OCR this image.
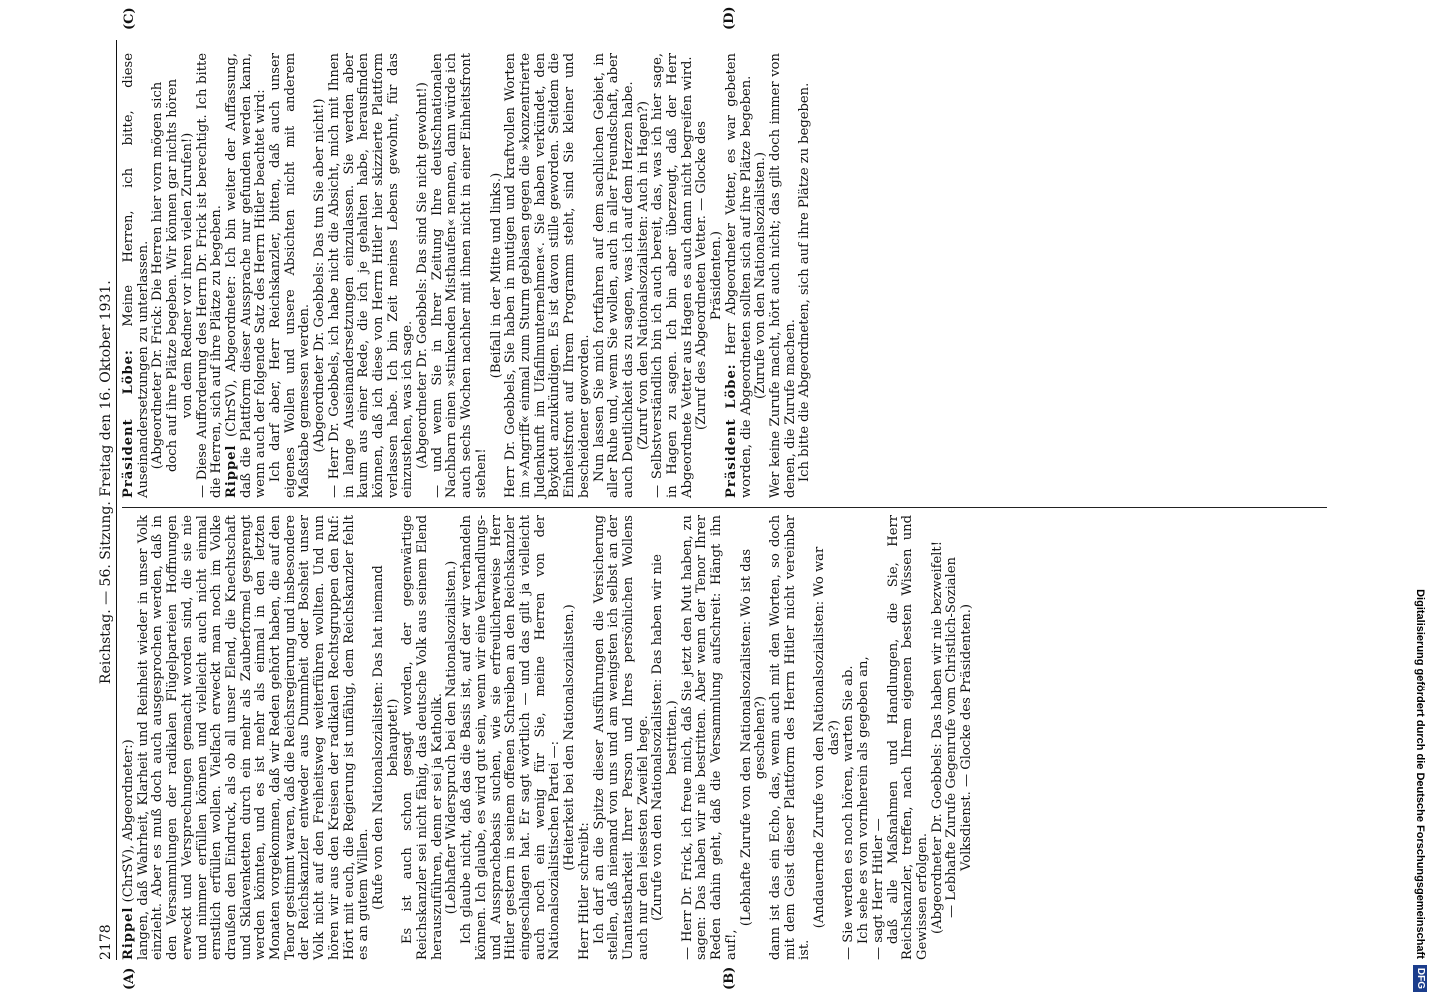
2178
Reichstag. — 56. Sitzung. Freitag den 16. Oktober 1931.
(A)	(B)
(C)	(D)
Rippel (ChrSV), Abgeordneter:) langen, daß Wahrheit, Klarheit und Reinheit wieder in unser Volk einzieht. Aber es muß doch auch ausgesprochen werden, daß in den Versammlungen der radikalen Flügelparteien Hoffnungen erweckt und Versprechungen gemacht worden sind, die sie nie und nimmer erfüllen können und vielleicht auch nicht einmal ernstlich erfüllen wollen. Vielfach erweckt man noch im Volke draußen den Eindruck, als ob all unser Elend, die Knechtschaft und Sklavenketten durch ein mehr als Zauberformel gesprengt werden könnten, und es ist mehr als einmal in den letzten Monaten vorgekommen, daß wir Reden gehört haben, die auf den Tenor gestimmt waren, daß die Reichsregierung und insbesondere der Reichskanzler entweder aus Dummheit oder Bosheit unser Volk nicht auf den Freiheitsweg weiterführen wollten. Und nun hören wir aus den Kreisen der radikalen Rechtsgruppen den Ruf: Hört mit euch, die Regierung ist unfähig, dem Reichskanzler fehlt es an gutem Willen. (Rufe von den Nationalsozialisten: Das hat niemand behauptet!) Es ist auch schon gesagt worden, der gegenwärtige Reichskanzler sei nicht fähig, das deutsche Volk aus seinem Elend herauszuführen, denn er sei ja Katholik. (Lebhafter Widerspruch bei den Nationalsozialisten.) Ich glaube nicht, daß das die Basis ist, auf der wir verhandeln können. Ich glaube, es wird gut sein, wenn wir eine Verhandlungs- und Aussprachebasis suchen, wie sie erfreulicherweise Herr Hitler gestern in seinem offenen Schreiben an den Reichskanzler eingeschlagen hat. Er sagt wörtlich — und das gilt ja vielleicht auch noch ein wenig für Sie, meine Herren von der Nationalsozialistischen Partei —: (Heiterkeit bei den Nationalsozialisten.)
Herr Hitler schreibt: Ich darf an die Spitze dieser Ausführungen die Versicherung stellen, daß niemand von uns und am wenigsten ich selbst an der Unantastbarkeit Ihrer Person und Ihres persönlichen Wollens auch nur den leisesten Zweifel hege. (Zurufe von den Nationalsozialisten: Das haben wir nie bestritten.) — Herr Dr. Frick, ich freue mich, daß Sie jetzt den Mut haben, zu sagen: Das haben wir nie bestritten. Aber wenn der Tenor Ihrer Reden dahin geht, daß die Versammlung aufschreit: Hängt ihn auf!,
(Lebhafte Zurufe von den Nationalsozialisten: Wo ist das geschehen?) dann ist das ein Echo, das, wenn auch mit den Worten, so doch mit dem Geist dieser Plattform des Herrn Hitler nicht vereinbar ist.
(Andauernde Zurufe von den Nationalsozialisten: Wo war das?) — Sie werden es noch hören, warten Sie ab. Ich sehe es von vornherein als gegeben an, — sagt Herr Hitler — daß alle Maßnahmen und Handlungen, die Sie, Herr Reichskanzler, treffen, nach Ihrem eigenen besten Wissen und Gewissen erfolgen. (Abgeordneter Dr. Goebbels: Das haben wir nie bezweifelt! — Lebhafte Zurufe Gegenrufe vom Christlich-Sozialen Volksdienst. — Glocke des Präsidenten.)
Präsident Löbe: Meine Herren, ich bitte, diese Auseinandersetzungen zu unterlassen. (Abgeordneter Dr. Frick: Die Herren hier vorn mögen sich doch auf ihre Plätze begeben. Wir können gar nichts hören von dem Redner vor ihren vielen Zurufen!) — Diese Aufforderung des Herrn Dr. Frick ist berechtigt. Ich bitte die Herren, sich auf ihre Plätze zu begeben. Rippel (ChrSV), Abgeordneter: Ich bin weiter der Auffassung, daß die Plattform dieser Aussprache nur gefunden werden kann, wenn auch der folgende Satz des Herrn Hitler beachtet wird: Ich darf aber, Herr Reichskanzler, bitten, daß auch unser eigenes Wollen und unsere Absichten nicht mit anderem Maßstabe gemessen werden. (Abgeordneter Dr. Goebbels: Das tun Sie aber nicht!) — Herr Dr. Goebbels, ich habe nicht die Absicht, mich mit Ihnen in lange Auseinandersetzungen einzulassen. Sie werden aber kaum aus einer Rede, die ich je gehalten habe, herausfinden können, daß ich diese von Herrn Hitler hier skizzierte Plattform verlassen habe. Ich bin Zeit meines Lebens gewohnt, für das einzustehen, was ich sage. (Abgeordneter Dr. Goebbels: Das sind Sie nicht gewohnt!) — und wenn Sie in Ihrer Zeitung Ihre deutschnationalen Nachbarn einen »stinkenden Misthaufen« nennen, dann würde ich auch sechs Wochen nachher mit ihnen nicht in einer Einheitsfront stehen!
(Beifall in der Mitte und links.) Herr Dr. Goebbels, Sie haben in mutigen und kraftvollen Worten im »Angriff« einmal zum Sturm geblasen gegen die »konzentrierte Judenkunft im Ufafilmunternehmen«. Sie haben verkündet, den Boykott anzukündigen. Es ist davon stille geworden. Seitdem die Einheitsfront auf Ihrem Programm steht, sind Sie kleiner und bescheidener geworden. Nun lassen Sie mich fortfahren auf dem sachlichen Gebiet, in aller Ruhe und, wenn Sie wollen, auch in aller Freundschaft, aber auch Deutlichkeit das zu sagen, was ich auf dem Herzen habe. (Zuruf von den Nationalsozialisten: Auch in Hagen?) — Selbstverständlich bin ich auch bereit, das, was ich hier sage, in Hagen zu sagen. Ich bin aber überzeugt, daß der Herr Abgeordnete Vetter aus Hagen es auch dann nicht begreifen wird. (Zuruf des Abgeordneten Vetter. — Glocke des Präsidenten.)
Präsident Löbe: Herr Abgeordneter Vetter, es war gebeten worden, die Abgeordneten sollten sich auf ihre Plätze begeben. (Zurufe von den Nationalsozialisten.) Wer keine Zurufe macht, hört auch nicht; das gilt doch immer von denen, die Zurufe machen. Ich bitte die Abgeordneten, sich auf ihre Plätze zu begeben.
Digitalisierung gefördert durch die Deutsche Forschungsgemeinschaft
DFG
